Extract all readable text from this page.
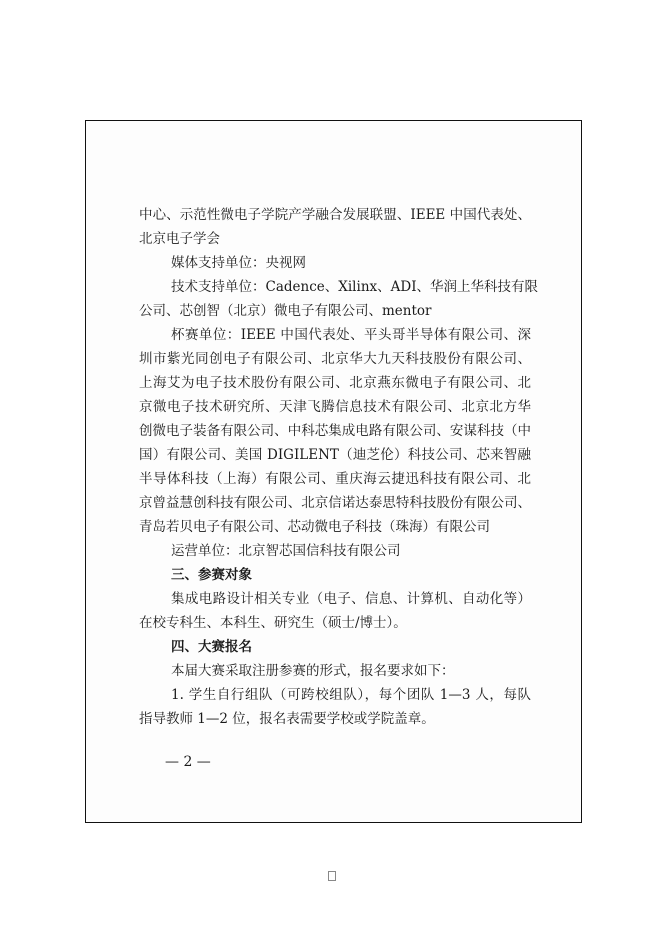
中心、示范性微电子学院产学融合发展联盟、IEEE 中国代表处、
北京电子学会
媒体支持单位：央视网
技术支持单位：Cadence、Xilinx、ADI、华润上华科技有限
公司、芯创智（北京）微电子有限公司、mentor
杯赛单位：IEEE 中国代表处、平头哥半导体有限公司、深
圳市紫光同创电子有限公司、北京华大九天科技股份有限公司、
上海艾为电子技术股份有限公司、北京燕东微电子有限公司、北
京微电子技术研究所、天津飞腾信息技术有限公司、北京北方华
创微电子装备有限公司、中科芯集成电路有限公司、安谋科技（中
国）有限公司、美国 DIGILENT（迪芝伦）科技公司、芯来智融
半导体科技（上海）有限公司、重庆海云捷迅科技有限公司、北
京曾益慧创科技有限公司、北京信诺达泰思特科技股份有限公司、
青岛若贝电子有限公司、芯动微电子科技（珠海）有限公司
运营单位：北京智芯国信科技有限公司
三、参赛对象
集成电路设计相关专业（电子、信息、计算机、自动化等）
在校专科生、本科生、研究生（硕士/博士）。
四、大赛报名
本届大赛采取注册参赛的形式，报名要求如下：
1. 学生自行组队（可跨校组队），每个团队 1—3 人，每队
指导教师 1—2 位，报名表需要学校或学院盖章。
— 2 —
